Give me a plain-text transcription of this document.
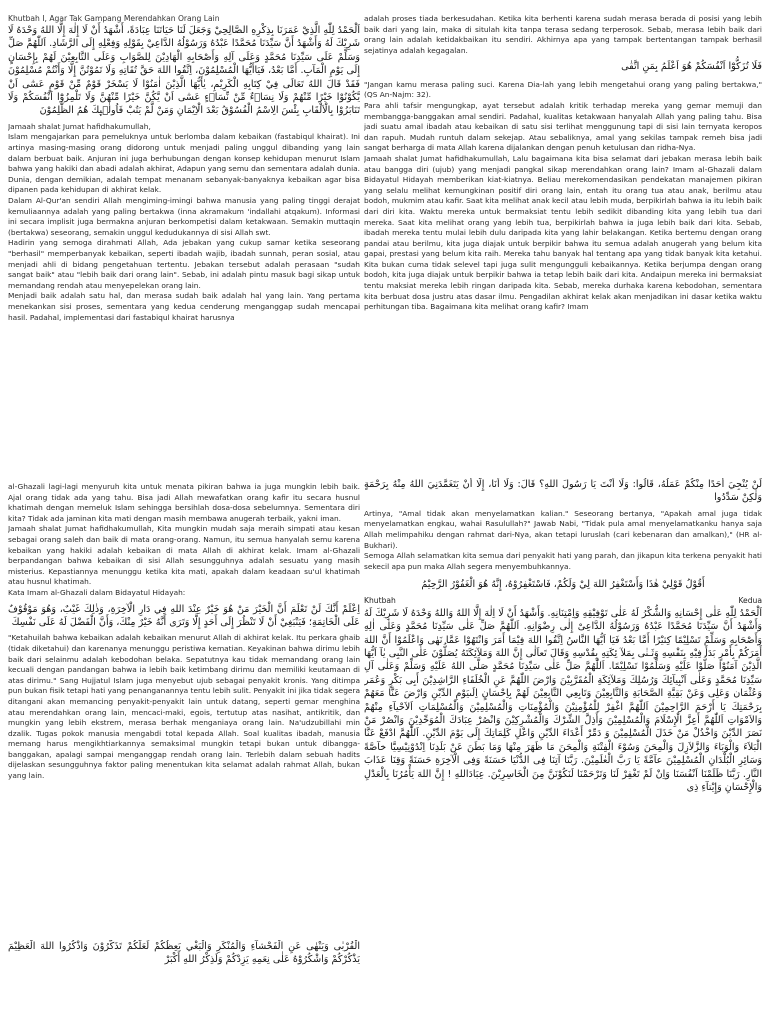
Khutbah I, Agar Tak Gampang Merendahkan Orang Lain

اَلْحَمْدُ لِلّٰهِ الَّذِيْ عَمَرَنَا بِذِكْرِهِ الصَّالِحِيْ وَجَعَلَ لَنَا حَيَاتَنَا عِبَادَةً، أَشْهَدُ أَنْ لَا إِلٰهَ إِلَّا اللهُ وَحْدَهُ لَا شَرِيْكَ لَهُ وَأَشْهَدُ أَنَّ سَيِّدَنَا مُحَمَّدًا عَبْدُهُ وَرَسُوْلُهُ الدَّاعِيْ بِقَوْلِهِ وَفِعْلِهِ إِلَى الرَّشَادِ. اَللّٰهُمَّ صَلِّ وَسَلِّمْ عَلَى سَيِّدِنَا مُحَمَّدٍ وَعَلَى آلِهِ وَأَصْحَابِهِ الْهَادِيْنَ لِلصَّوَابِ وَعَلَى التَّابِعِيْنَ لَهُمْ بِإِحْسَانٍ إِلَى يَوْمِ الْمَآبِ. أَمَّا بَعْدُ، فَيَاأَيُّهَا الْمُسْلِمُوْنَ، اِتَّقُوا اللهَ حَقَّ تُقَاتِهِ وَلَا تَمُوْتُنَّ إِلَّا وَأَنْتُمْ مُسْلِمُوْنَ فَقَدْ قَالَ اللهُ تَعَالَى فِيْ كِتَابِهِ الْكَرِيْمِ، يٰأَيُّهَا الَّذِيْنَ اٰمَنُوْا لَا يَسْخَرْ قَوْمٌ مِّنْ قَوْمٍ عَسٰٓى اَنْ يَّكُوْنُوْا خَيْرًا مِّنْهُمْ وَلَا نِسَاۤءٌ مِّنْ نِّسَاۤءٍ عَسٰٓى اَنْ يَّكُنَّ خَيْرًا مِّنْهُنَّ وَلَا تَلْمِزُوْٓا اَنْفُسَكُمْ وَلَا تَنَابَزُوْا بِالْاَلْقَابِ بِئْسَ الِاسْمُ الْفُسُوْقُ بَعْدَ الْاِيْمَانِ وَمَنْ لَّمْ يَتُبْ فَاُولٰۤىِٕكَ هُمُ الظّٰلِمُوْنَ

Jamaah shalat Jumat hafidhakumullah,

Islam mengajarkan para pemeluknya untuk berlomba dalam kebaikan (fastabiqul khairat). Ini artinya masing-masing orang didorong untuk menjadi paling unggul dibanding yang lain dalam berbuat baik. Anjuran ini juga berhubungan dengan konsep kehidupan menurut Islam bahwa yang hakiki dan abadi adalah akhirat, Adapun yang semu dan sementara adalah dunia. Dunia, dengan demikian, adalah tempat menanam sebanyak-banyaknya kebaikan agar bisa dipanen pada kehidupan di akhirat kelak.

Dalam Al-Qur'an sendiri Allah mengiming-imingi bahwa manusia yang paling tinggi derajat kemuliaannya adalah yang paling bertakwa (inna akramakum 'indallahi atqakum). Informasi ini secara implisit juga bermakna anjuran berkompetisi dalam ketakwaan. Semakin muttaqin (bertakwa) seseorang, semakin unggul kedudukannya di sisi Allah swt.

Hadirin yang semoga dirahmati Allah, Ada jebakan yang cukup samar ketika seseorang "berhasil" memperbanyak kebaikan, seperti ibadah wajib, ibadah sunnah, peran sosial, atau menjadi ahli di bidang pengetahuan tertentu. Jebakan tersebut adalah perasaan "sudah sangat baik" atau "lebih baik dari orang lain". Sebab, ini adalah pintu masuk bagi sikap untuk memandang rendah atau menyepelekan orang lain.

Menjadi baik adalah satu hal, dan merasa sudah baik adalah hal yang lain. Yang pertama menekankan sisi proses, sementara yang kedua cenderung menganggap sudah mencapai hasil. Padahal, implementasi dari fastabiqul khairat harusnya

adalah proses tiada berkesudahan. Ketika kita berhenti karena sudah merasa berada di posisi yang lebih baik dari yang lain, maka di situlah kita tanpa terasa sedang terperosok. Sebab, merasa lebih baik dari orang lain adalah ketidakbaikan itu sendiri. Akhirnya apa yang tampak bertentangan tampak berhasil sejatinya adalah kegagalan.

فَلَا تُزَكُّوْٓا اَنْفُسَكُمْ هُوَ اَعْلَمُ بِمَنِ اتَّقٰى

"Jangan kamu merasa paling suci. Karena Dia-lah yang lebih mengetahui orang yang paling bertakwa," (QS An-Najm: 32).

Para ahli tafsir mengungkap, ayat tersebut adalah kritik terhadap mereka yang gemar memuji dan membangga-banggakan amal sendiri. Padahal, kualitas ketakwaan hanyalah Allah yang paling tahu. Bisa jadi suatu amal ibadah atau kebaikan di satu sisi terlihat menggunung tapi di sisi lain ternyata keropos dan rapuh. Mudah runtuh dalam sekejap. Atau sebaliknya, amal yang sekilas tampak remeh bisa jadi sangat berharga di mata Allah karena dijalankan dengan penuh ketulusan dan ridha-Nya.

Jamaah shalat Jumat hafidhakumullah, Lalu bagaimana kita bisa selamat dari jebakan merasa lebih baik atau bangga diri (ujub) yang menjadi pangkal sikap merendahkan orang lain? Imam al-Ghazali dalam Bidayatul Hidayah memberikan kiat-kiatnya. Beliau merekomendasikan pendekatan manajemen pikiran yang selalu melihat kemungkinan positif diri orang lain, entah itu orang tua atau anak, berilmu atau bodoh, mukmim atau kafir. Saat kita melihat anak kecil atau lebih muda, berpikirlah bahwa ia itu lebih baik dari diri kita. Waktu mereka untuk bermaksiat tentu lebih sedikit dibanding kita yang lebih tua dari mereka. Saat kita melihat orang yang lebih tua, berpikirlah bahwa ia juga lebih baik dari kita. Sebab, ibadah mereka tentu mulai lebih dulu daripada kita yang lahir belakangan. Ketika bertemu dengan orang pandai atau berilmu, kita juga diajak untuk berpikir bahwa itu semua adalah anugerah yang belum kita gapai, prestasi yang belum kita raih. Mereka tahu banyak hal tentang apa yang tidak banyak kita ketahui. Kita bukan cuma tidak selevel tapi juga sulit mengungguli kebaikannya. Ketika berjumpa dengan orang bodoh, kita juga diajak untuk berpikir bahwa ia tetap lebih baik dari kita. Andaipun mereka ini bermaksiat tentu maksiat mereka lebih ringan daripada kita. Sebab, mereka durhaka karena kebodohan, sementara kita berbuat dosa justru atas dasar ilmu. Pengadilan akhirat kelak akan menjadikan ini dasar ketika waktu perhitungan tiba. Bagaimana kita melihat orang kafir? Imam

al-Ghazali lagi-lagi menyuruh kita untuk menata pikiran bahwa ia juga mungkin lebih baik. Ajal orang tidak ada yang tahu. Bisa jadi Allah mewafatkan orang kafir itu secara husnul khatimah dengan memeluk Islam sehingga bersihlah dosa-dosa sebelumnya. Sementara diri kita? Tidak ada jaminan kita mati dengan masih membawa anugerah terbaik, yakni iman.

Jamaah shalat Jumat hafidhakumullah, Kita mungkin mudah saja meraih simpati atau kesan sebagai orang saleh dan baik di mata orang-orang. Namun, itu semua hanyalah semu karena kebaikan yang hakiki adalah kebaikan di mata Allah di akhirat kelak. Imam al-Ghazali berpandangan bahwa kebaikan di sisi Allah sesungguhnya adalah sesuatu yang masih misterius. Kepastiannya menunggu ketika kita mati, apakah dalam keadaan su'ul khatimah atau husnul khatimah.

Kata Imam al-Ghazali dalam Bidayatul Hidayah:

اِعْلَمْ أَنَّكَ لَنْ تَعْلَمَ أَنَّ الْخَيْرَ مَنْ هُوَ خَيْرٌ عِنْدَ اللهِ فِي دَارِ الْآخِرَةِ، وَذٰلِكَ غَيْبٌ، وَهُوَ مَوْقُوْفٌ عَلَى الْخَاتِمَةِ؛ فَيَنْبَغِيْ أَنْ لَا تَنْظُرَ إِلَى أَحَدٍ إِلَّا وَتَرَى أَنَّهُ خَيْرٌ مِنْكَ، وَأَنَّ الْفَضْلَ لَهُ عَلَى نَفْسِكَ

"Ketahuilah bahwa kebaikan adalah kebaikan menurut Allah di akhirat kelak. Itu perkara ghaib (tidak diketahui) dan karenanya menunggu peristiwa kematian. Keyakinan bahwa dirimu lebih baik dari selainmu adalah kebodohan belaka. Sepatutnya kau tidak memandang orang lain kecuali dengan pandangan bahwa ia lebih baik ketimbang dirimu dan memiliki keutamaan di atas dirimu." Sang Hujjatul Islam juga menyebut ujub sebagai penyakit kronis. Yang ditimpa pun bukan fisik tetapi hati yang penanganannya tentu lebih sulit. Penyakit ini jika tidak segera ditangani akan memancing penyakit-penyakit lain untuk datang, seperti gemar menghina atau merendahkan orang lain, mencaci-maki, egois, tertutup atas nasihat, antikritik, dan mungkin yang lebih ekstrem, merasa berhak menganiaya orang lain. Na'udzubillahi min dzalik. Tugas pokok manusia mengabdi total kepada Allah. Soal kualitas ibadah, manusia memang harus mengikhtiarkannya semaksimal mungkin tetapi bukan untuk dibangga-banggakan, apalagi sampai menganggap rendah orang lain. Terlebih dalam sebuah hadits dijelaskan sesungguhnya faktor paling menentukan kita selamat adalah rahmat Allah, bukan yang lain.

لَنْ يُنْجِيَ أَحَدًا مِنْكُمْ عَمَلُهُ، قَالُوا: وَلَا أَنْتَ يَا رَسُولَ اللهِ؟ قَالَ: وَلَا أَنَا، إِلَّا أَنْ يَتَغَمَّدَنِيَ اللهُ مِنْهُ بِرَحْمَةٍ وَلٰكِنْ سَدِّدُوا

Artinya, "Amal tidak akan menyelamatkan kalian." Seseorang bertanya, "Apakah amal juga tidak menyelamatkan engkau, wahai Rasulullah?" Jawab Nabi, "Tidak pula amal menyelamatkanku hanya saja Allah melimpahiku dengan rahmat dari-Nya, akan tetapi luruslah (cari kebenaran dan amalkan)," (HR al-Bukhari).

Semoga Allah selamatkan kita semua dari penyakit hati yang parah, dan jikapun kita terkena penyakit hati sekecil apa pun maka Allah segera menyembuhkannya.

أَقُوْلُ قَوْلِيْ هٰذَا وَأَسْتَغْفِرُ اللهَ لِيْ وَلَكُمْ، فَاسْتَغْفِرُوْهُ، إِنَّهُ هُوَ الْغَفُوْرُ الرَّحِيْمُ

Khutbah	Kedua

اَلْحَمْدُ لِلّٰهِ عَلٰى إِحْسَانِهِ وَالشُّكْرُ لَهُ عَلٰى تَوْفِيْقِهِ وَاِمْتِنَانِهِ. وَأَشْهَدُ أَنْ لَا اِلٰهَ إِلَّا اللهُ وَاللهُ وَحْدَهُ لَا شَرِيْكَ لَهُ وَأَشْهَدُ أَنَّ سَيِّدَنَا مُحَمَّدًا عَبْدُهُ وَرَسُوْلُهُ الدَّاعِىْ إِلٰى رِضْوَانِهِ. اَللّٰهُمَّ صَلِّ عَلٰى سَيِّدِنَا مُحَمَّدٍ وَعَلٰى اٰلِهِ وَأَصْحَابِهِ وَسَلِّمْ تَسْلِيْمًا كِثيْرًا أَمَّا بَعْدُ فَيَا اَيُّهَا النَّاسُ اِتَّقُوا اللهَ فِيْمَا أَمَرَ وَانْتَهُوْا عَمَّا نَهٰى وَاعْلَمُوْا أَنَّ اللهَ أَمَرَكُمْ بِأَمْرٍ بَدَأَ فِيْهِ بِنَفْسِهِ وَثَـنٰى بِمَلآ ئِكَتِهِ بِقُدْسِهِ وَقَالَ تَعاَلٰى إِنَّ اللهَ وَمَلآئِكَتَهُ يُصَلُّوْنَ عَلٰى النَّبِى يٰآ اَيُّهَا الَّذِيْنَ آمَنُوْا صَلُّوْا عَلَيْهِ وَسَلِّمُوْا تَسْلِيْمًا. اَللّٰهُمَّ صَلِّ عَلٰى سَيِّدِنَا مُحَمَّدٍ صَلَّى اللهُ عَلَيْهِ وَسَلِّمْ وَعَلٰى آلِ سَيِّدِنَا مُحَمَّدٍ وَعَلٰى اَنْبِيآئِكَ وَرُسُلِكَ وَمَلآئِكَةِ الْمُقَرَّبِيْنَ وَارْضَ اللّٰهُمَّ عَنِ الْخُلَفَاءِ الرَّاشِدِيْنَ أَبِى بَكْرٍ وَعُمَر وَعُثْمَان وَعَلِى وَعَنْ بَقِيَّةِ الصَّحَابَةِ وَالتَّابِعِيْنَ وَتَابِعِي التَّابِعِيْنَ لَهُمْ بِاِحْسَانٍ اِلَىيَوْمِ الدِّيْنِ وَارْضَ عَنَّا مَعَهُمْ بِرَحْمَتِكَ يَا أَرْحَمَ الرَّاحِمِيْنَ اَللّٰهُمَّ اغْفِرْ لِلْمُؤْمِنِيْنَ وَالْمُؤْمِنَاتِ وَالْمُسْلِمِيْنَ وَالْمُسْلِمَاتِ اَلاَحْيآءِ مِنْهُمْ وَالاَمْوَاتِ اَللّٰهُمَّ أَعِزَّ الْإِسْلَامَ وَالْمُسْلِمِيْنَ وَأَذِلَّ الشِّرْكَ وَالْمُشْرِكِيْنَ وَانْصُرْ عِبَادَكَ الْمُوَحِّدِيْنَ وَانْصُرْ مَنْ نَصَرَ الدِّيْنَ وَاخْذُلْ مَنْ خَذَلَ الْمُسْلِمِيْنَ وَ دَمِّرْ أَعْدَاءَ الدِّيْنِ وَاعْلِ كَلِمَاتِكَ إِلَى يَوْمَ الدِّيْنِ. اَللّٰهُمَّ ادْفَعْ عَنَّا الْبَلاَءَ وَالْوَبَاءَ وَالزَّلاَزِلَ وَالْمِحَنَ وَسُوْءَ الْفِتْنَةِ وَالْمِحَنَ مَا ظَهَرَ مِنْهَا وَمَا بَطَنَ عَنْ بَلَدِنَا اِنْدُوْنِيْسِيَّا خآصَّةً وَسَائِرِ الْبُلْدَانِ الْمُسْلِمِيْنَ عآمَّةً يَا رَبَّ الْعٰلَمِيْنَ. رَبَّنَا آتِنَا فِى الدُّنْيَا حَسَنَةً وَفِى الْآخِرَةِ حَسَنَةً وَقِنَا عَذَابَ النَّارِ. رَبَّنَا ظَلَمْنَا اَنْفُسَنَا وَاِنْ لَمْ تَغْفِرْ لَنَا وَتَرْحَمْنَا لَنَكُوْنَنَّ مِنَ الْخَاسِرِيْنَ. عِبَادَاللهِ ! إِنَّ اللهَ يَأْمُرُنَا بِالْعَدْلِ وَالْإِحْسَانِ وَإِيْتآءِ ذِى

الْقُرْبٰى وَيَنْهٰى عَنِ الْفَحْشآءِ وَالْمُنْكَرِ وَالْبَغْي يَعِظُكُمْ لَعَلَّكُمْ تَذَكَّرُوْنَ وَاذْكُرُوا اللهَ الْعَظِيْمَ يَذْكُرْكُمْ وَاشْكُرُوْهُ عَلٰى نِعَمِهِ يَزِدْكُمْ وَلَذِكْرُ اللهِ أَكْبَرْ
